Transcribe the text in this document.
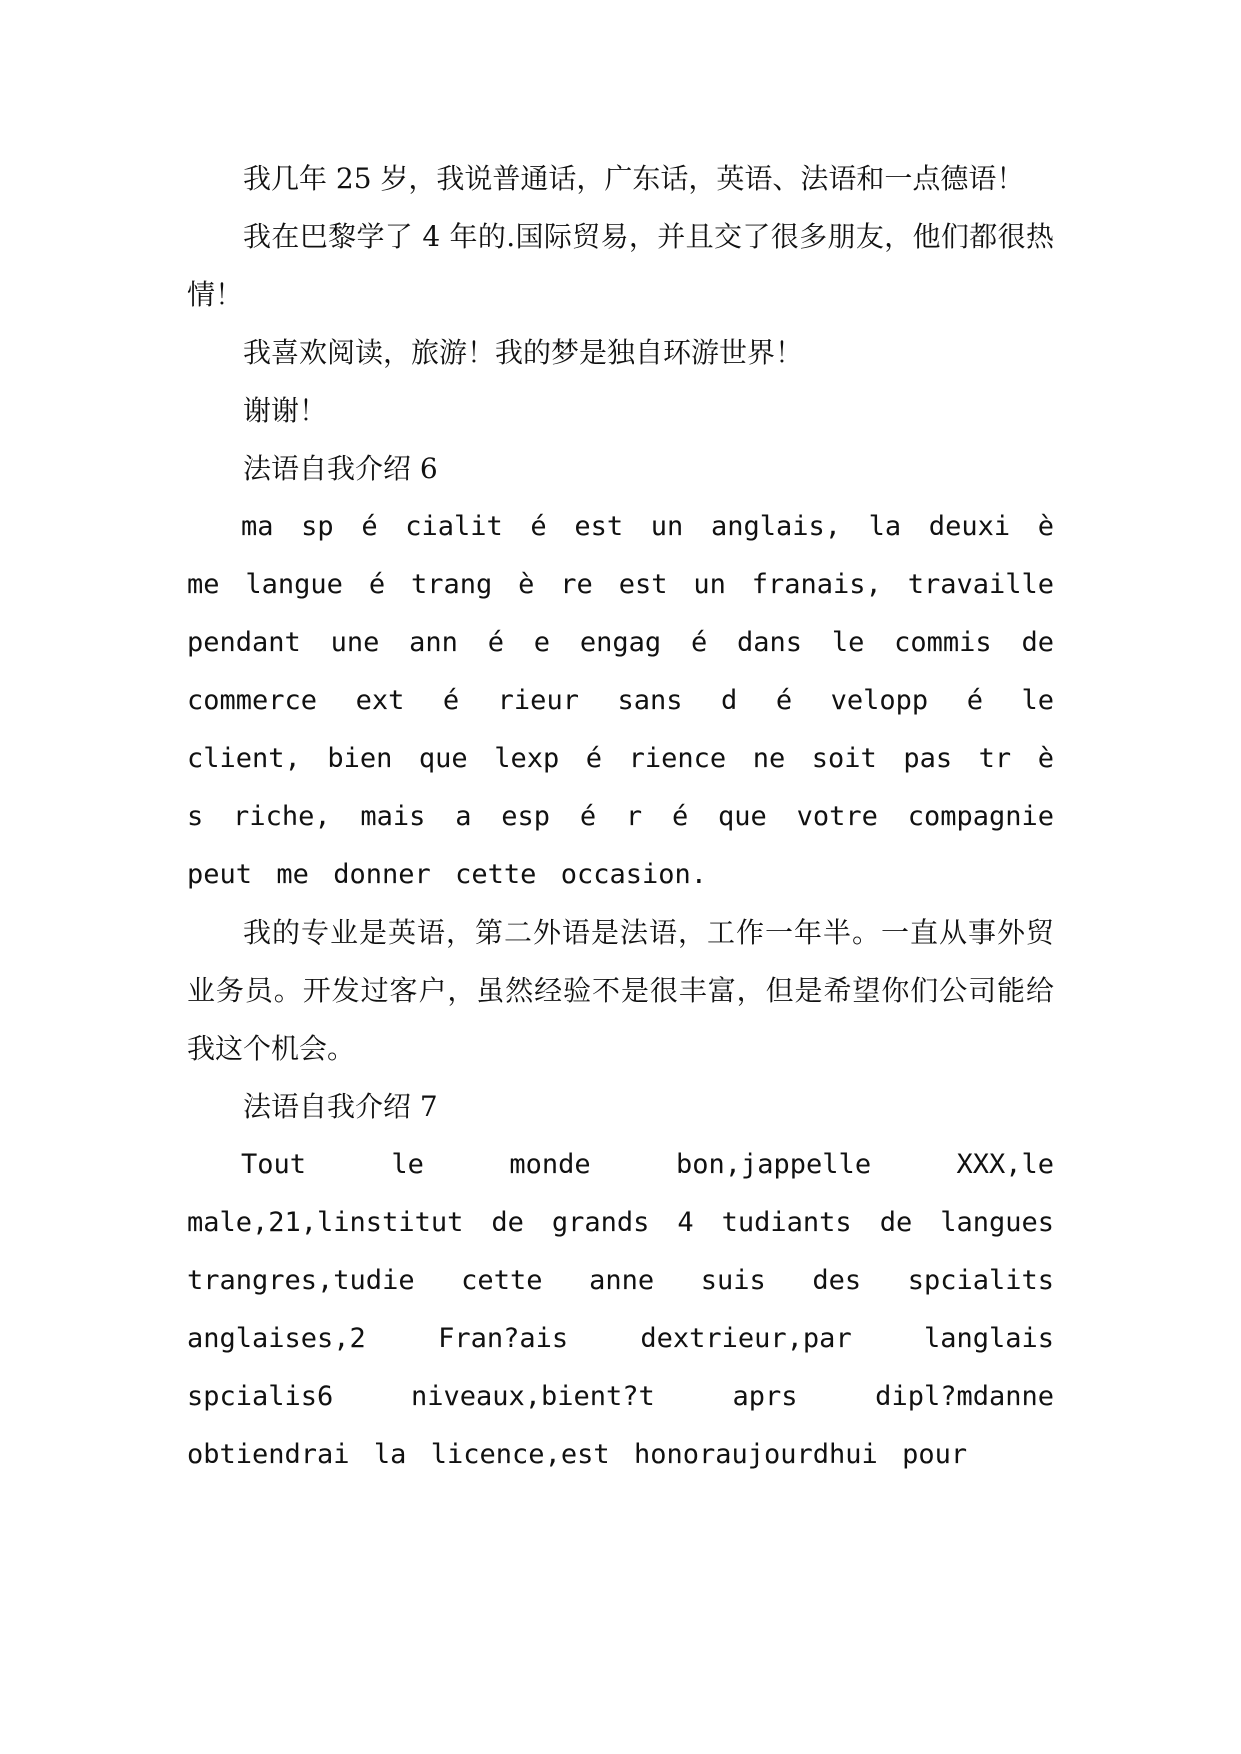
我几年 25 岁，我说普通话，广东话，英语、法语和一点德语！

我在巴黎学了 4 年的.国际贸易，并且交了很多朋友，他们都很热情！

我喜欢阅读，旅游！我的梦是独自环游世界！

谢谢！

法语自我介绍 6

ma sp é cialit é est un anglais, la deuxi è me langue é trang è re est un franais, travaille pendant une ann é e engag é dans le commis de commerce ext é rieur sans d é velopp é le client, bien que lexp é rience ne soit pas tr è s riche, mais a esp é r é que votre compagnie peut me donner cette occasion.

我的专业是英语，第二外语是法语，工作一年半。一直从事外贸业务员。开发过客户，虽然经验不是很丰富，但是希望你们公司能给我这个机会。

法语自我介绍 7

Tout le monde bon,jappelle XXX,le male,21,linstitut de grands 4 tudiants de langues trangres,tudie cette anne suis des spcialits anglaises,2 Fran?ais dextrieur,par langlais spcialis6 niveaux,bient?t aprs dipl?mdanne obtiendrai la licence,est honoraujourdhui pour
